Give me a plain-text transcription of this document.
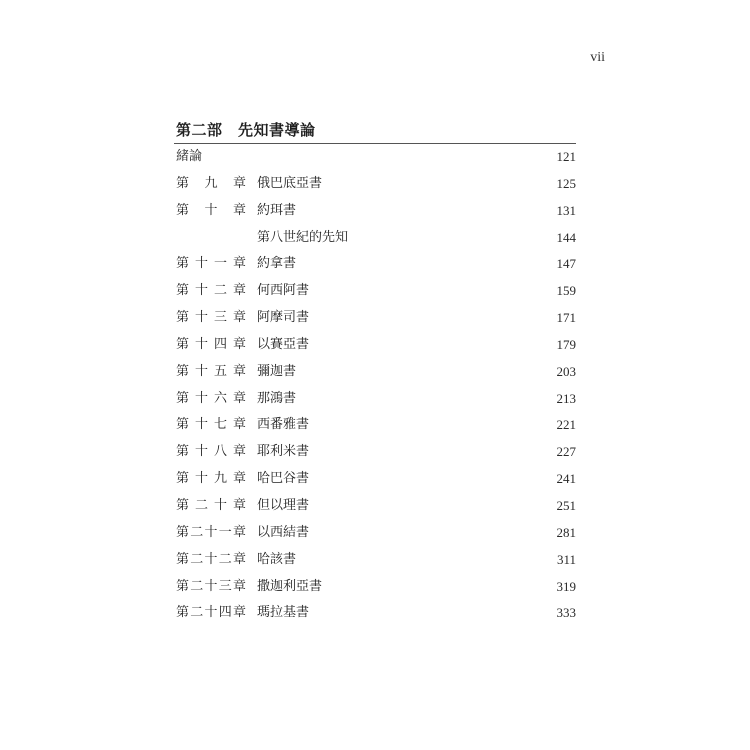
vii
第二部　 先知書導論
緒論	121
第 九 章 俄巴底亞書	125
第 十 章 約珥書	131
第八世紀的先知	144
第 十 一 章 約拿書	147
第 十 二 章 何西阿書	159
第 十 三 章 阿摩司書	171
第 十 四 章 以賽亞書	179
第 十 五 章 彌迦書	203
第 十 六 章 那鴻書	213
第 十 七 章 西番雅書	221
第 十 八 章 耶利米書	227
第 十 九 章 哈巴谷書	241
第 二 十 章 但以理書	251
第 二 十 一 章 以西結書	281
第 二 十 二 章 哈該書	311
第 二 十 三 章 撒迦利亞書	319
第 二 十 四 章 瑪拉基書	333
